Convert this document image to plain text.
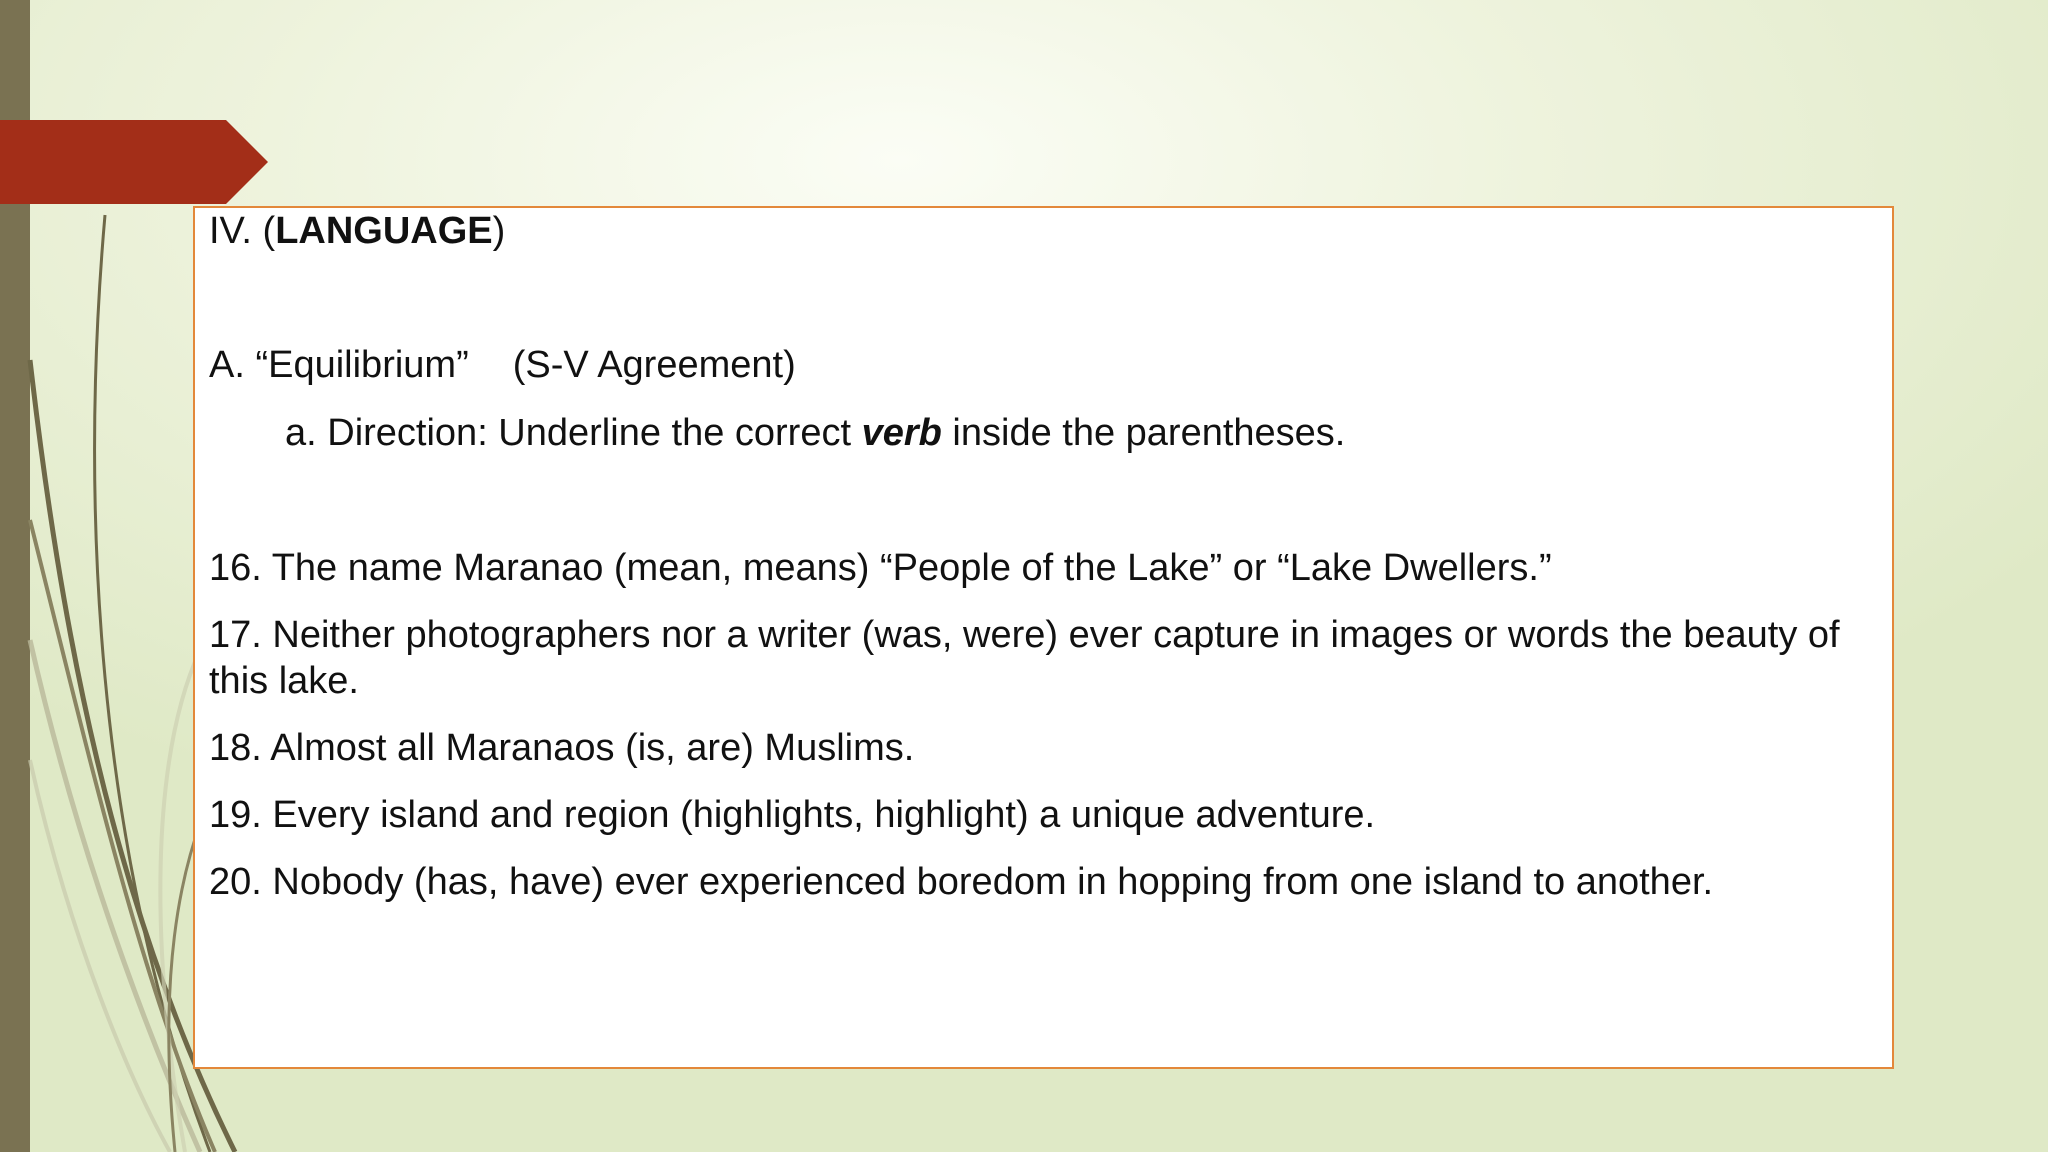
IV. (LANGUAGE)
A. “Equilibrium” (S-V Agreement)
a. Direction: Underline the correct verb inside the parentheses.
16. The name Maranao (mean, means) “People of the Lake” or “Lake Dwellers.”
17. Neither photographers nor a writer (was, were) ever capture in images or words the beauty of this lake.
18. Almost all Maranaos (is, are) Muslims.
19. Every island and region (highlights, highlight) a unique adventure.
20. Nobody (has, have) ever experienced boredom in hopping from one island to another.
